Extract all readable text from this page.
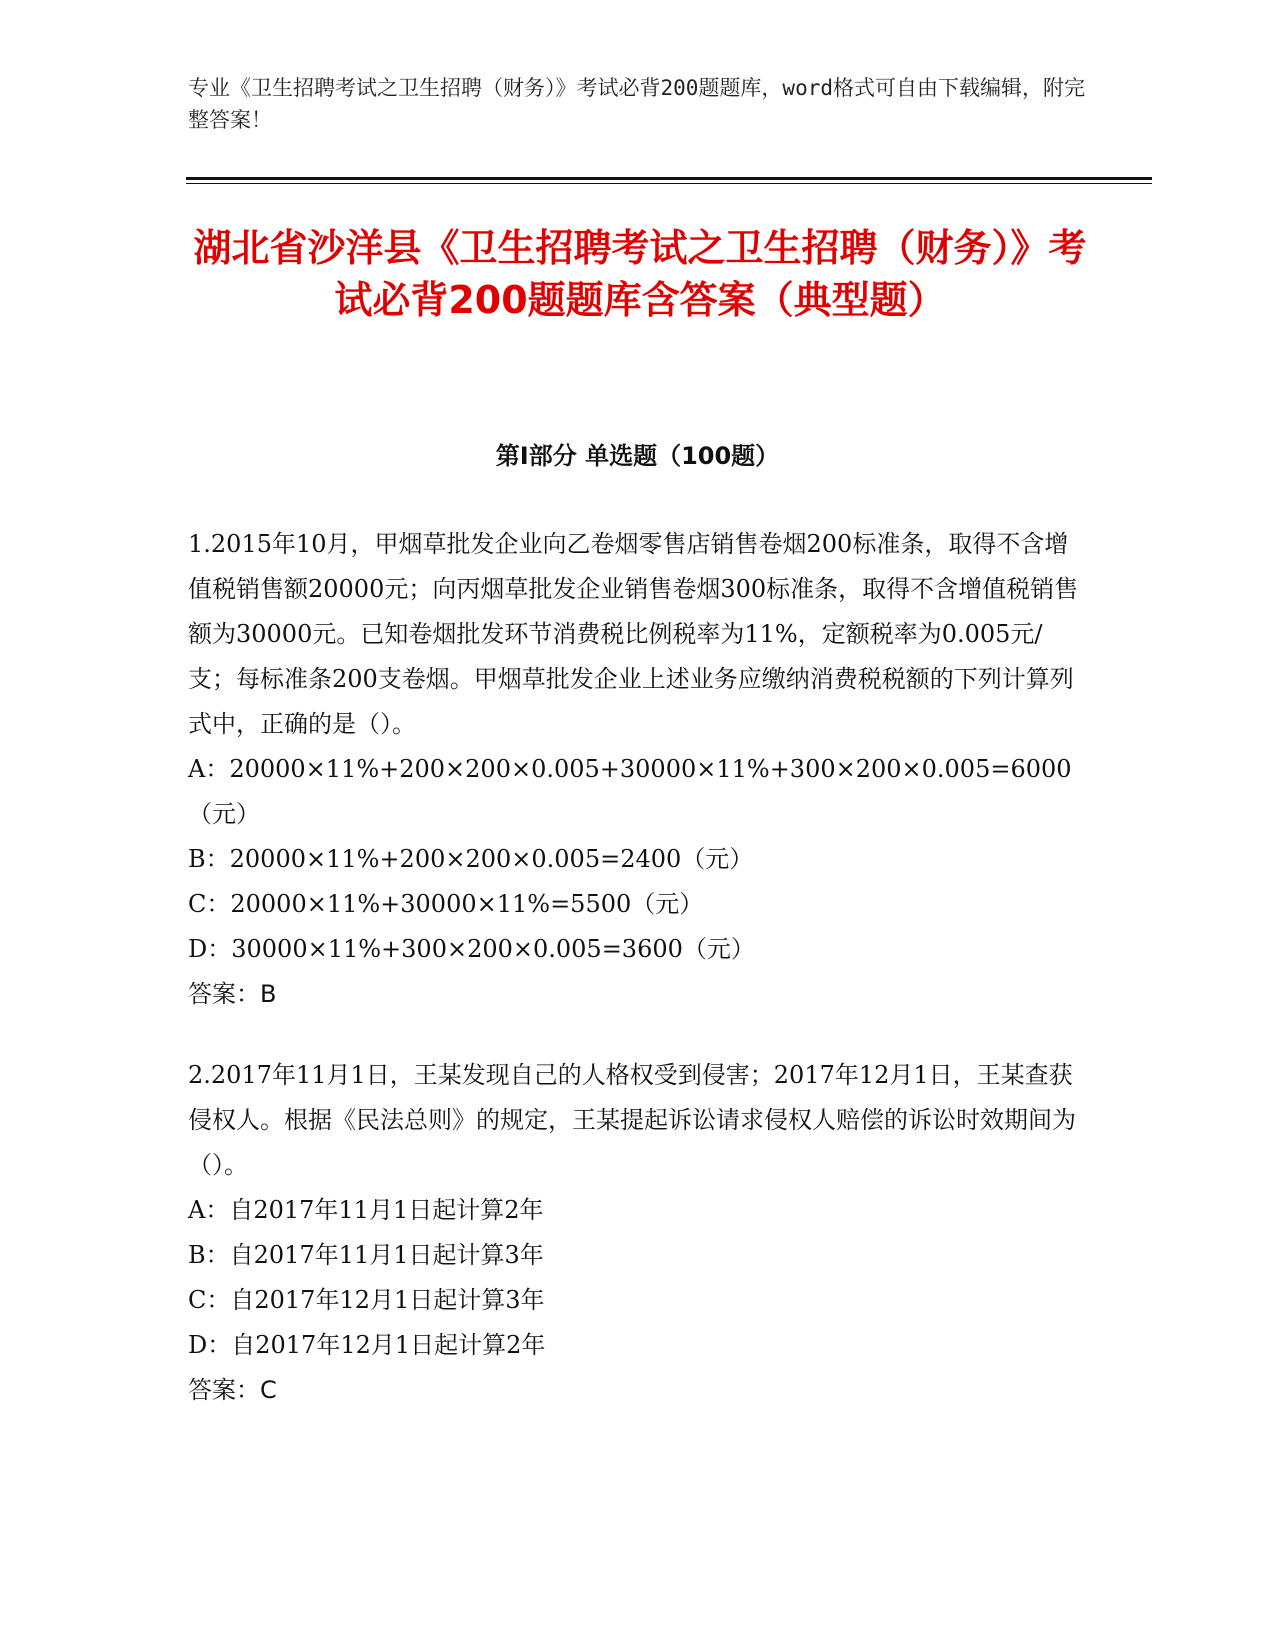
专业《卫生招聘考试之卫生招聘（财务）》考试必背200题题库，word格式可自由下载编辑，附完整答案！
湖北省沙洋县《卫生招聘考试之卫生招聘（财务）》考试必背200题题库含答案（典型题）
第Ⅰ部分 单选题（100题）

1.2015年10月，甲烟草批发企业向乙卷烟零售店销售卷烟200标准条，取得不含增值税销售额20000元；向丙烟草批发企业销售卷烟300标准条，取得不含增值税销售额为30000元。已知卷烟批发环节消费税比例税率为11%，定额税率为0.005元/支；每标准条200支卷烟。甲烟草批发企业上述业务应缴纳消费税税额的下列计算列式中，正确的是（）。

A：20000×11%+200×200×0.005+30000×11%+300×200×0.005=6000（元）

B：20000×11%+200×200×0.005=2400（元）

C：20000×11%+30000×11%=5500（元）

D：30000×11%+300×200×0.005=3600（元）

答案：B

2.2017年11月1日，王某发现自己的人格权受到侵害；2017年12月1日，王某查获侵权人。根据《民法总则》的规定，王某提起诉讼请求侵权人赔偿的诉讼时效期间为（）。

A：自2017年11月1日起计算2年

B：自2017年11月1日起计算3年

C：自2017年12月1日起计算3年

D：自2017年12月1日起计算2年

答案：C
